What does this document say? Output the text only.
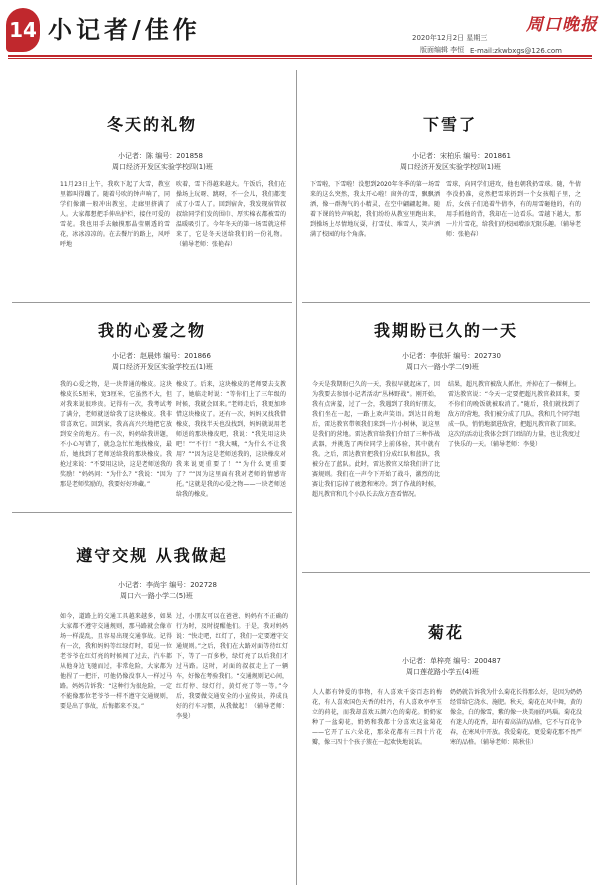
14 小记者/佳作	2020年12月2日 星期三
版面编辑 李恒
周口晚报
E-mail:zkwbxgs@126.com
冬天的礼物
小记者：陈 编号：201858
周口经济开发区实验学校四(1)班
11月23日上午，我吹下起了大雪，教室里都叫得蹦了。随着号吹的钟声响了，同学们像潮一般冲出教室，走廊里挤满了人。大家都想把手伸出护栏，接住可爱的雪花。我也用手去触摸那晶莹剔透的雪花，冰冰凉凉的。在去餐厅的路上，风呼呼地
吹着，雪下得越来越大。午饭后，我们在操场上玩呀、跳呀，不一会儿，我们都变成了小雪人了。回到宿舍，我发现宿管叔叔给同学们发的围巾、厚实棉衣都被雪的温暖吸引了。今年冬天的第一场雪就这样来了，它是冬天送给我们的一份礼物。（辅导老师：张艳春）
下雪了
小记者：宋柏乐 编号：201861
周口经济开发区实验学校四(1)班
下雪啦，下雪啦！没想到2020年冬季的第一场雪来的这么突然，我太开心啦！窗外的雪，飘飘洒洒，像一群淘气的小精灵，在空中翩翩起舞。随着下课的铃声响起，我们纷纷从教室里跑出来，到操场上尽情地玩耍，打雪仗、堆雪人，笑声洒满了校园的每个角落。
雪球，向同学们进攻，他也朝我扔雪球。随，牛倩李没扔准，竟然把雪球扔到一个女孩帽子里，之后，女孩子们追着牛倩李，有的用雪砸他的，有的用手抓他的背，我却在一边看乐。雪越下越大，那一片片雪花，给我们的校园增添无限乐趣。（辅导老师：张艳春）
我的心爱之物
小记者：赵晨炜 编号：201866
周口经济开发区实验学校五(1)班
我的心爱之物，是一块普通的橡皮。这块橡皮长5厘米，宽3厘米，它虽然不大，但对我来说很珍贵。记得有一次，我考试考了满分，老师就送给我了这块橡皮。我非常喜欢它。回到家，我高高兴兴地把它放到安全的地方。有一次，妈妈给我讲题，不小心写错了，就急急忙忙地找橡皮，最后，她找到了老师送给我的那块橡皮。我抢过来说：“不要用这块，这是老师送我的奖励！”妈妈问：“为什么？”我说：“因为那是老师奖励的，我要好好珍藏。”
橡皮了。后来，这块橡皮的老师要去支教了，她临走时说：“等你们上了三年级的时候，我就会回来。”老师走后，我更加珍惜这块橡皮了。还有一次，妈妈又找我借橡皮，我找半天也没找到，妈妈就说用老师送的那块橡皮吧，我说：“我先用这块吧！”“不行！”我大喊，“为什么不让我用？”“因为这是老师送我的，这块橡皮对我来说更重要了！”“为什么更重要了？”“因为这里面有我对老师的情感寄托。”这就是我的心爱之物——一块老师送给我的橡皮。
我期盼已久的一天
小记者：李依轩 编号：202730
周口六一路小学二(9)班
今天是我期盼已久的一天，我很早就起床了，因为我要去参加小记者活动“丛林野战”。刚开始，我有点害羞，过了一会，我遇到了我的好朋友，我们坐在一起，一路上欢声笑语。到达目的地后，雷达教官带领我们来到一片小树林，说这里是我们的营地。雷达教官给我们介绍了三种作战武器，并挑选了两位同学上前体验，其中就有我。之后，雷达教官把我们分成红队和蓝队，我被分在了蓝队。此时，雷达教官又给我们讲了比赛规则。我们在一声令下开始了战斗，激烈的比赛让我们忘掉了疲惫和寒冷。到了作战的时候，超凡教官和几个小队长去敌方查看情况。
结果，超凡教官被敌人抓住，并掉在了一棵树上。雷达教官说：“今天一定要把超凡教官救回来，要不你们的晚饭就被取消了。”随后，我们就找到了敌方的营地，我们被分成了几队，我和几个同学组成一队，悄悄地溜进敌营，把超凡教官救了回来。这次的活动让我体会到了团结的力量，也让我度过了快乐的一天。（辅导老师：李曼）
遵守交规 从我做起
小记者：李尚宇 编号：202728
周口六一路小学二(5)班
如今，道路上的交通工具越来越多，如果大家都不遵守交通规则，那马路就会像市场一样混乱，且容易出现交通事故。记得有一次，我和妈妈等红绿灯时，看见一位老爷爷在红灯亮的时候闯了过去，汽车都从他身边飞驰而过，非常危险，大家都为他捏了一把汗，可他仍像没事人一样过马路。妈妈告诉我：“这种行为很危险，一定不能像那位老爷爷一样不遵守交通规则，要是出了事故，后悔都来不及。”
过，小朋友可以在爸爸、妈妈有不正确的行为时，及时提醒他们。于是，我对妈妈说：“快走吧，红灯了，我们一定要遵守交通规则。”之后，我们在大路对面等待红灯下，等了一百多秒，绿灯亮了以后我们才过马路。这时，对面的叔叔走上了一辆车，好像在考验我们。“交通规则记心间，红灯停、绿灯行，黄灯亮了等一等。”今后，我要做交通安全的小宣传员，养成良好的行车习惯，从我做起！（辅导老师：李曼）
菊花
小记者：单梓亮 编号：200487
周口莲花路小学五(4)班
人人都有钟爱的事物，有人喜欢千姿百态的梅花，有人喜欢国色天香的牡丹，有人喜欢亭亭玉立的荷花，而我却喜欢五颜六色的菊花。奶奶家种了一盆菊花，奶奶和我都十分喜欢这盆菊花——它开了五六朵花，那朵花都有三四十片花瓣，像三四十个孩子簇在一起欢快地说话。
奶奶就告诉我为什么菊花长得那么好，是因为奶奶经常给它浇水、施肥。秋天，菊花在风中舞，黄的像金，白的像雪，紫的像一块美丽的玛瑙。菊花没有迷人的花香，却有着高洁的品格，它不与百花争春，在寒风中开放。我爱菊花，更爱菊花那不畏严寒的品格。（辅导老师：陈秋佳）
